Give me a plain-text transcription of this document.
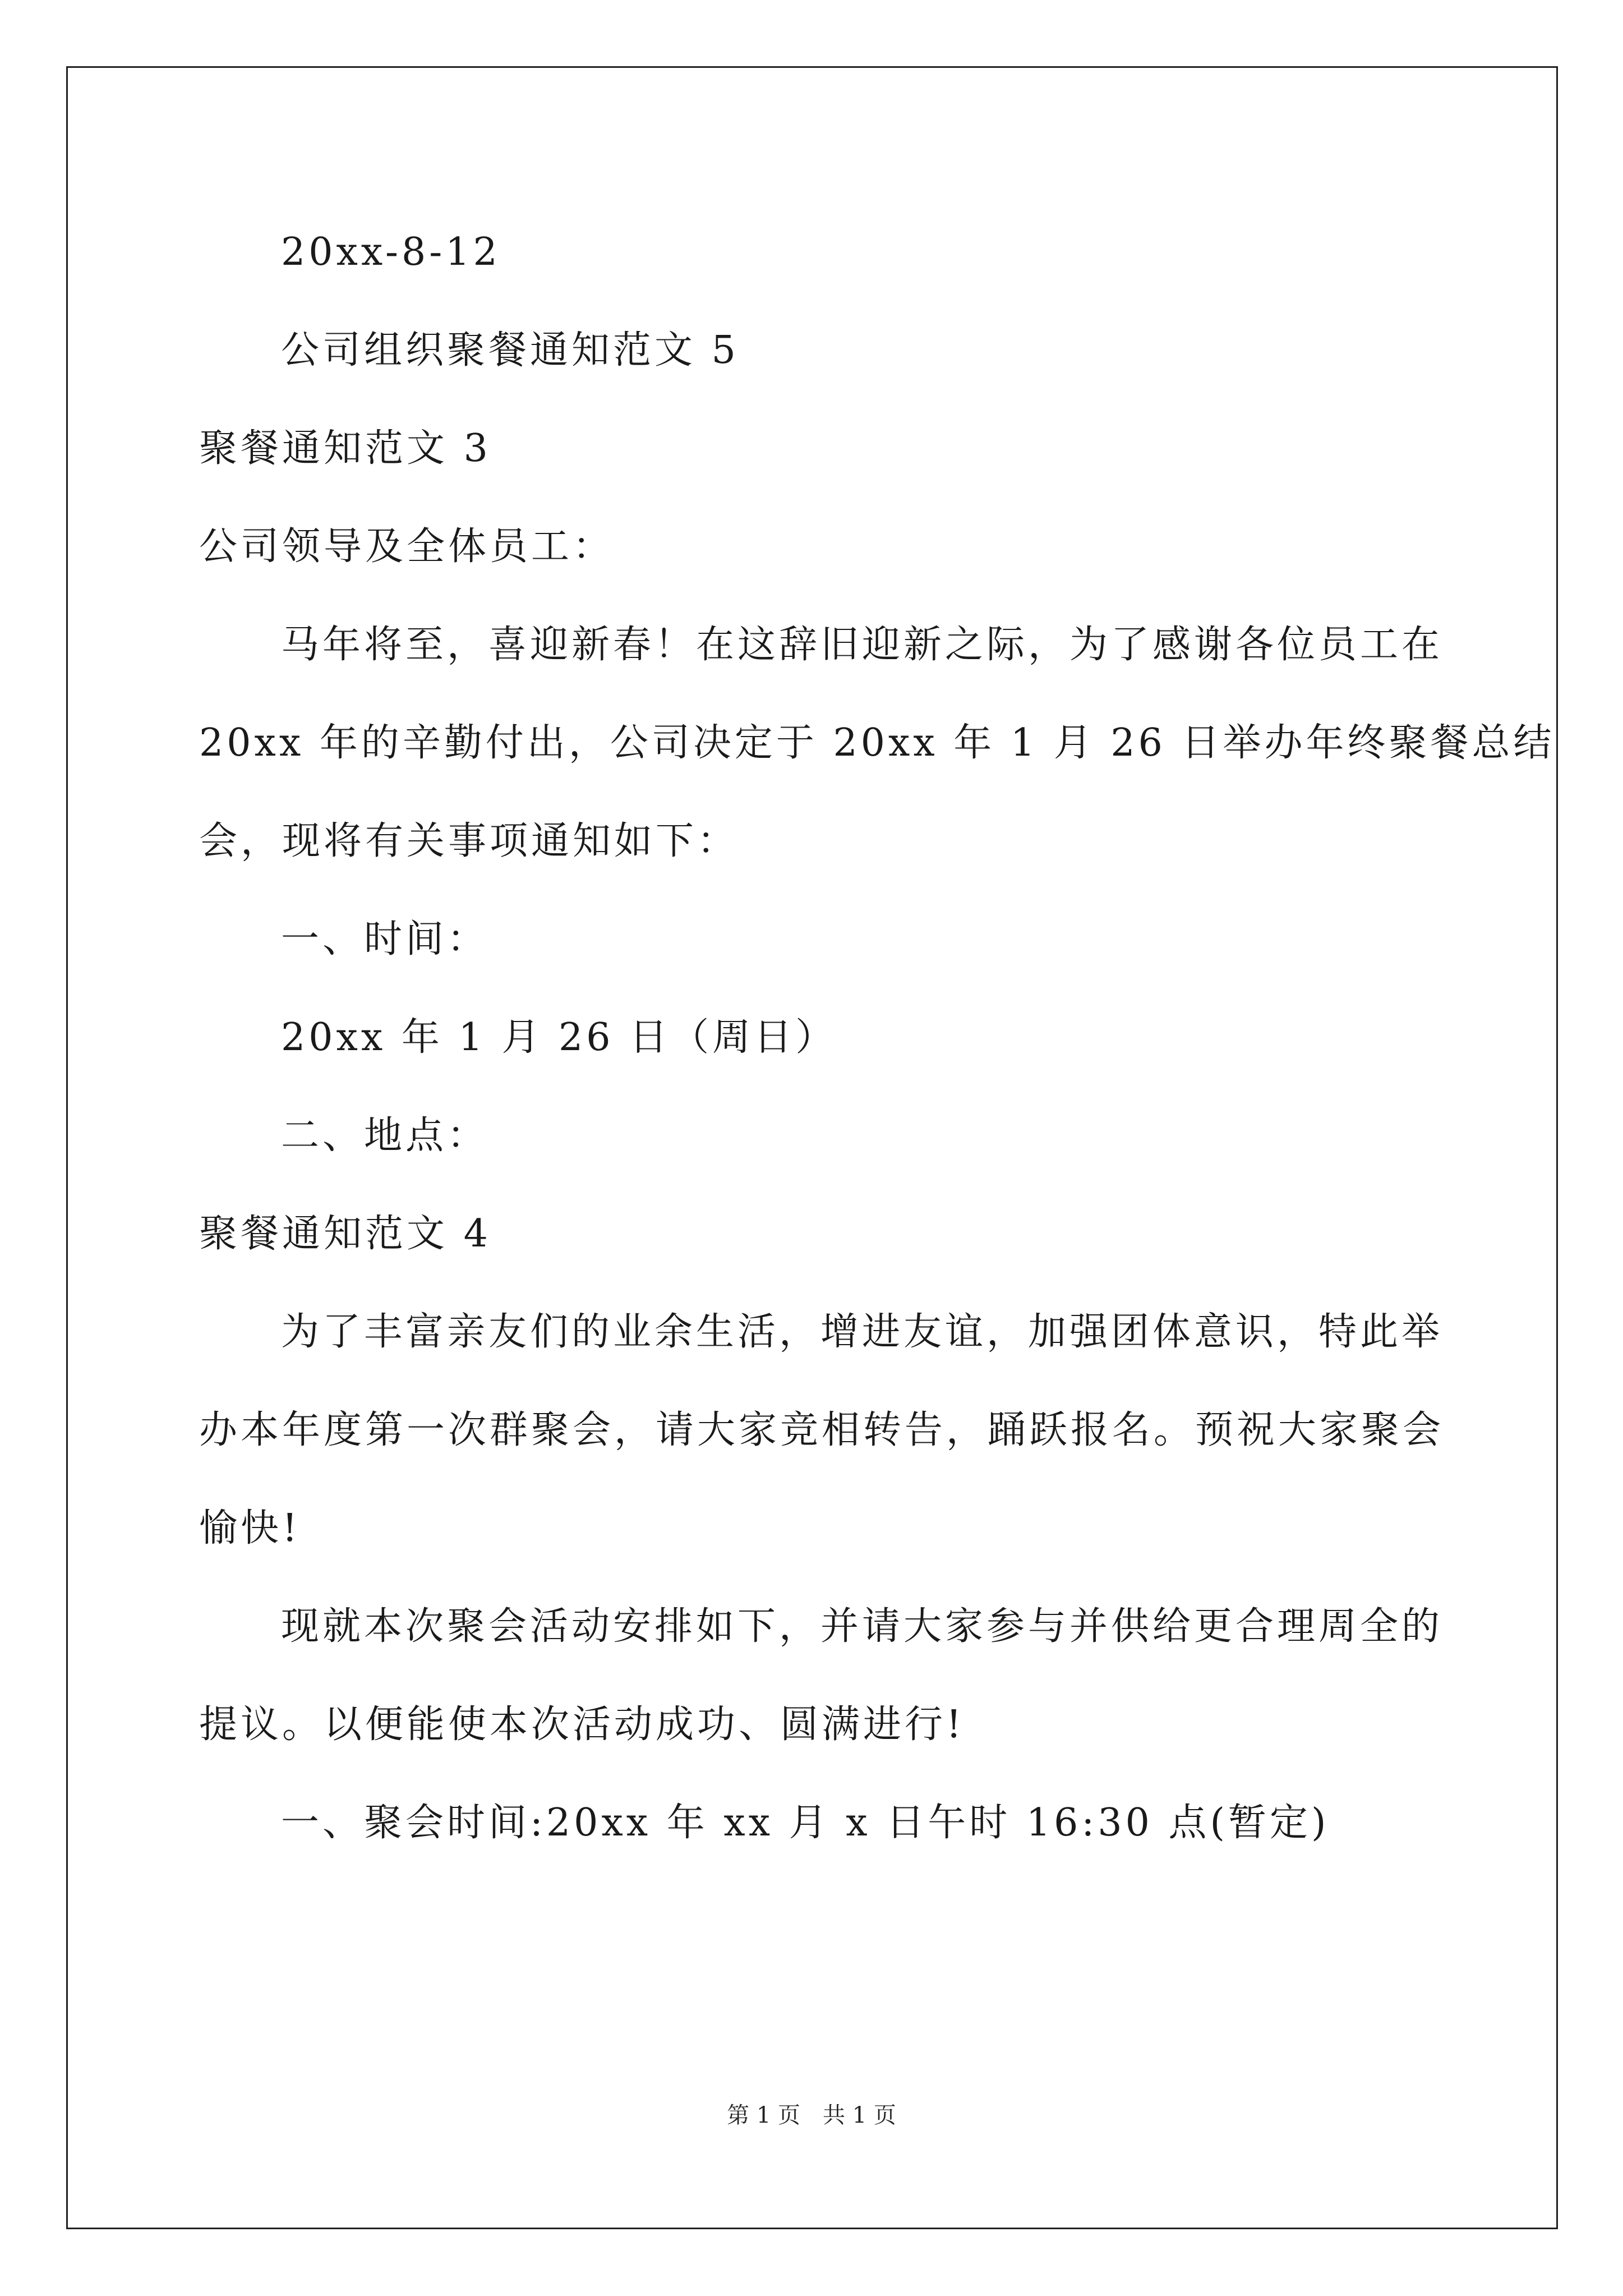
20xx-8-12
公司组织聚餐通知范文 5
聚餐通知范文 3
公司领导及全体员工：
马年将至，喜迎新春！在这辞旧迎新之际，为了感谢各位员工在
20xx 年的辛勤付出，公司决定于 20xx 年 1 月 26 日举办年终聚餐总结
会，现将有关事项通知如下：
一、时间：
20xx 年 1 月 26 日（周日）
二、地点：
聚餐通知范文 4
为了丰富亲友们的业余生活，增进友谊，加强团体意识，特此举
办本年度第一次群聚会，请大家竞相转告，踊跃报名。预祝大家聚会
愉快!
现就本次聚会活动安排如下，并请大家参与并供给更合理周全的
提议。以便能使本次活动成功、圆满进行!
一、聚会时间:20xx 年 xx 月 x 日午时 16:30 点(暂定)
第 1 页　共 1 页
